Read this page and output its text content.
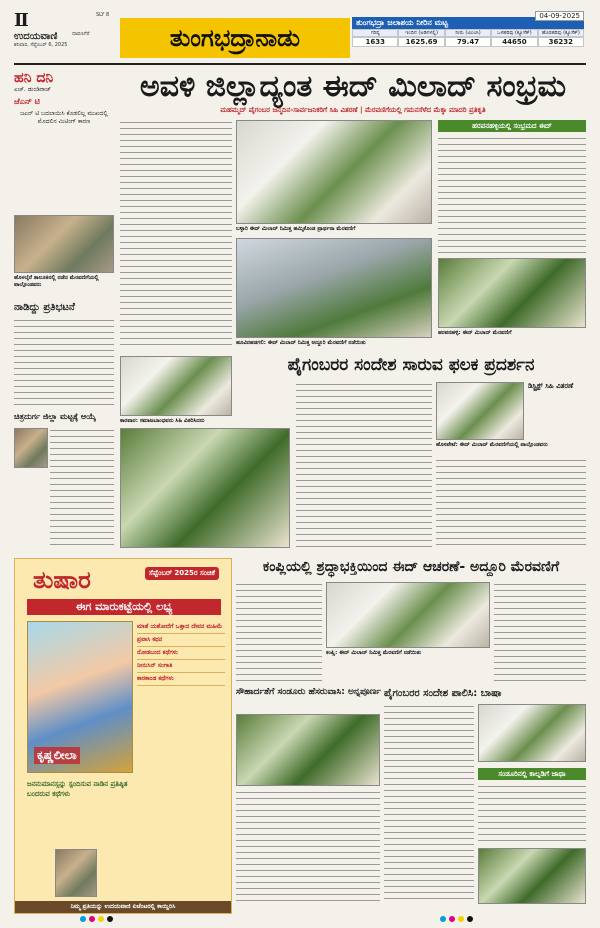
II
ಉದಯವಾಣಿ
ಶನಿವಾರ, ಸೆಪ್ಟೆಂಬರ್ 6, 2025
ದಾವಣಗೆರೆ
SLY 8
ತುಂಗಭದ್ರಾನಾಡು
ತುಂಗಭದ್ರಾ ಜಲಾಶಯ ನೀರಿನ ಮಟ್ಟ
04-09-2025
ಗರಿಷ್ಠ	ಇಂದಿನ (ಅಡಿಗಳಲ್ಲಿ)	ನೀರು (ಟಿಎಂಸಿ)	ಒಳಹರಿವು (ಕ್ಯೂಸೆಕ್)	ಹೊರಹರಿವು (ಕ್ಯೂಸೆಕ್)
1633	1625.69	79.47	44650	36232
ಹನಿ ದನಿ
ಎಚ್. ಡುಂಡಿರಾಜ್
ಜೆಎನ್ ಟಿ
ಜಎನ್ ಟಿ ಬದಲಾಯಿಸಿ ಕೊಡಲಿಲ್ಲ ಮುಖದಲ್ಲಿ ಮೊದಲಿನ ಮಿಟಿಂಗ್ ಕಾರಣ
ಹೊಳಲ್ಕೆರೆ ತಾಲೂಕಿನಲ್ಲಿ ನಡೆದ ಮೆರವಣಿಗೆಯಲ್ಲಿ ಪಾಲ್ಗೊಂಡವರು
ನಾಡಿದ್ದು ಪ್ರತಿಭಟನೆ
ಚಿತ್ರದುರ್ಗ ಜಿಲ್ಲಾ ಮಟ್ಟಕ್ಕೆ ಆಯ್ಕೆ
ಅವಳಿ ಜಿಲ್ಲಾದ್ಯಂತ ಈದ್ ಮಿಲಾದ್ ಸಂಭ್ರಮ
ಮಹಮ್ಮದ್ ಪೈಗಂಬರ ಜನ್ಮದಿನ-ಸಾರ್ವಜನಿಕರಿಗೆ ಸಿಹಿ ವಿತರಣೆ | ಮೆರವಣಿಗೆಯಲ್ಲಿ ಗಮನಸೆಳೆದ ಮೆಕ್ಕಾ ಮಾದರಿ ಪ್ರತಿಕೃತಿ
ಬಳ್ಳಾರಿ ಈದ್ ಮಿಲಾದ್ ನಿಮಿತ್ತ ಹಮ್ಮಿಕೊಂಡ ಪ್ರಾರ್ಥನಾ ಮೆರವಣಿಗೆ
ಹೂವಿನಹಡಗಲಿ: ಈದ್ ಮಿಲಾದ್ ನಿಮಿತ್ತ ಅದ್ದೂರಿ ಮೆರವಣಿಗೆ ನಡೆಯಿತು
ಹರಪನಹಳ್ಳಿಯಲ್ಲಿ ಸಂಭ್ರಮದ ಈದ್
ಹರಪನಹಳ್ಳಿ: ಈದ್ ಮಿಲಾದ್ ಮೆರವಣಿಗೆ
ಪೈಗಂಬರರ ಸಂದೇಶ ಸಾರುವ ಫಲಕ ಪ್ರದರ್ಶನ
ಕಾರವಾರ: ಸಮಾಜಬಾಂಧವರು ಸಿಹಿ ವಿತರಿಸಿದರು
ಡಿಸ್ಟ್ರಿಕ್ಟ್ ಸಿಹಿ ವಿತರಣೆ
ಹೊಸಪೇಟೆ: ಈದ್ ಮಿಲಾದ್ ಮೆರವಣಿಗೆಯಲ್ಲಿ ಪಾಲ್ಗೊಂಡವರು
ಕಂಪ್ಲಿಯಲ್ಲಿ ಶ್ರದ್ಧಾಭಕ್ತಿಯಿಂದ ಈದ್ ಆಚರಣೆ- ಅದ್ದೂರಿ ಮೆರವಣಿಗೆ
ಕಂಪ್ಲಿ: ಈದ್ ಮಿಲಾದ್ ನಿಮಿತ್ತ ಮೆರವಣಿಗೆ ನಡೆಯಿತು
ಸೌಹಾರ್ದತೆಗೆ ಸಂಡೂರು ಹೆಸರುವಾಸಿ: ಅನ್ನಪೂರ್ಣ ಪೈಗಂಬರರ ಸಂದೇಶ ಪಾಲಿಸಿ: ಬಾಷಾ
ಸಂಡೂರಿನಲ್ಲಿ ಕಾಲ್ನಡಿಗೆ ಜಾಥಾ
ತುಷಾರ	ಸೆಪ್ಟೆಂಬರ್ 2025ರ ಸಂಚಿಕೆ
ಈಗ ಮಾರುಕಟ್ಟೆಯಲ್ಲಿ ಲಭ್ಯ
ಕೃಷ್ಣಲೀಲಾ
ಮಾತೆ ಯಶೋದೆಗೆ ಒತ್ತಾದ ದೇವನ ಮಹಿಮೆ
ಪ್ರವಾಸಿ ಕಥನ
ನೋಡಬಂದ ಕಥೆಗಳು
ನೀನುಸಿನ್ ಸಂಗಾತಿ
ಕಾರಕಾಂಡ ಕಥೆಗಳು
ಜನನುಮಾನಸ್ಸನ್ನು ಸ್ಪಂದಿಸುವ ನಾಡಿನ ಪ್ರತಿಷ್ಠಿತ ಬಂದರುವ ಕಥೆಗಳು
ನಿಮ್ಮ ಪ್ರತಿಯನ್ನು ಉದಯವಾಣಿ ಏಜೆಂಟರಲ್ಲಿ ಕಾಯ್ದಿರಿಸಿ
